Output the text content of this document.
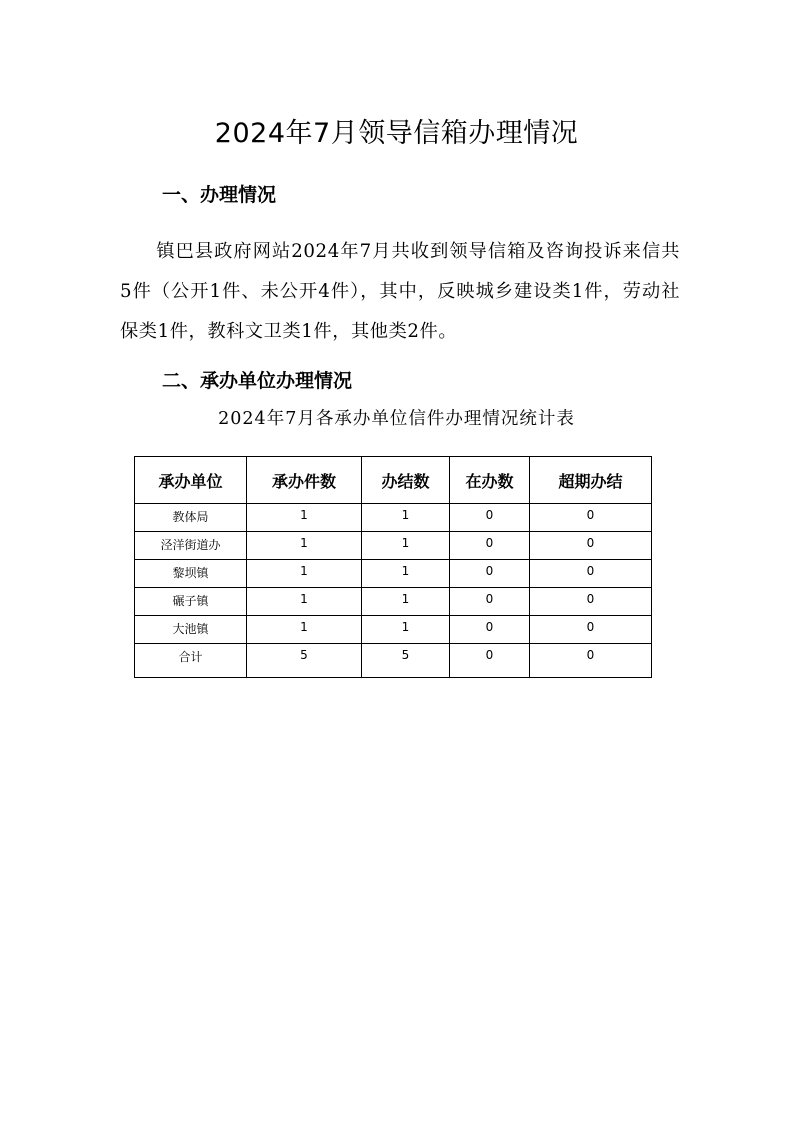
2024年7月领导信箱办理情况
一、办理情况

镇巴县政府网站2024年7月共收到领导信箱及咨询投诉来信共5件（公开1件、未公开4件），其中，反映城乡建设类1件，劳动社保类1件，教科文卫类1件，其他类2件。

二、承办单位办理情况
2024年7月各承办单位信件办理情况统计表
承办单位	承办件数	办结数	在办数	超期办结
教体局	1	1	0	0
泾洋街道办	1	1	0	0
黎坝镇	1	1	0	0
碾子镇	1	1	0	0
大池镇	1	1	0	0
合计	5	5	0	0
